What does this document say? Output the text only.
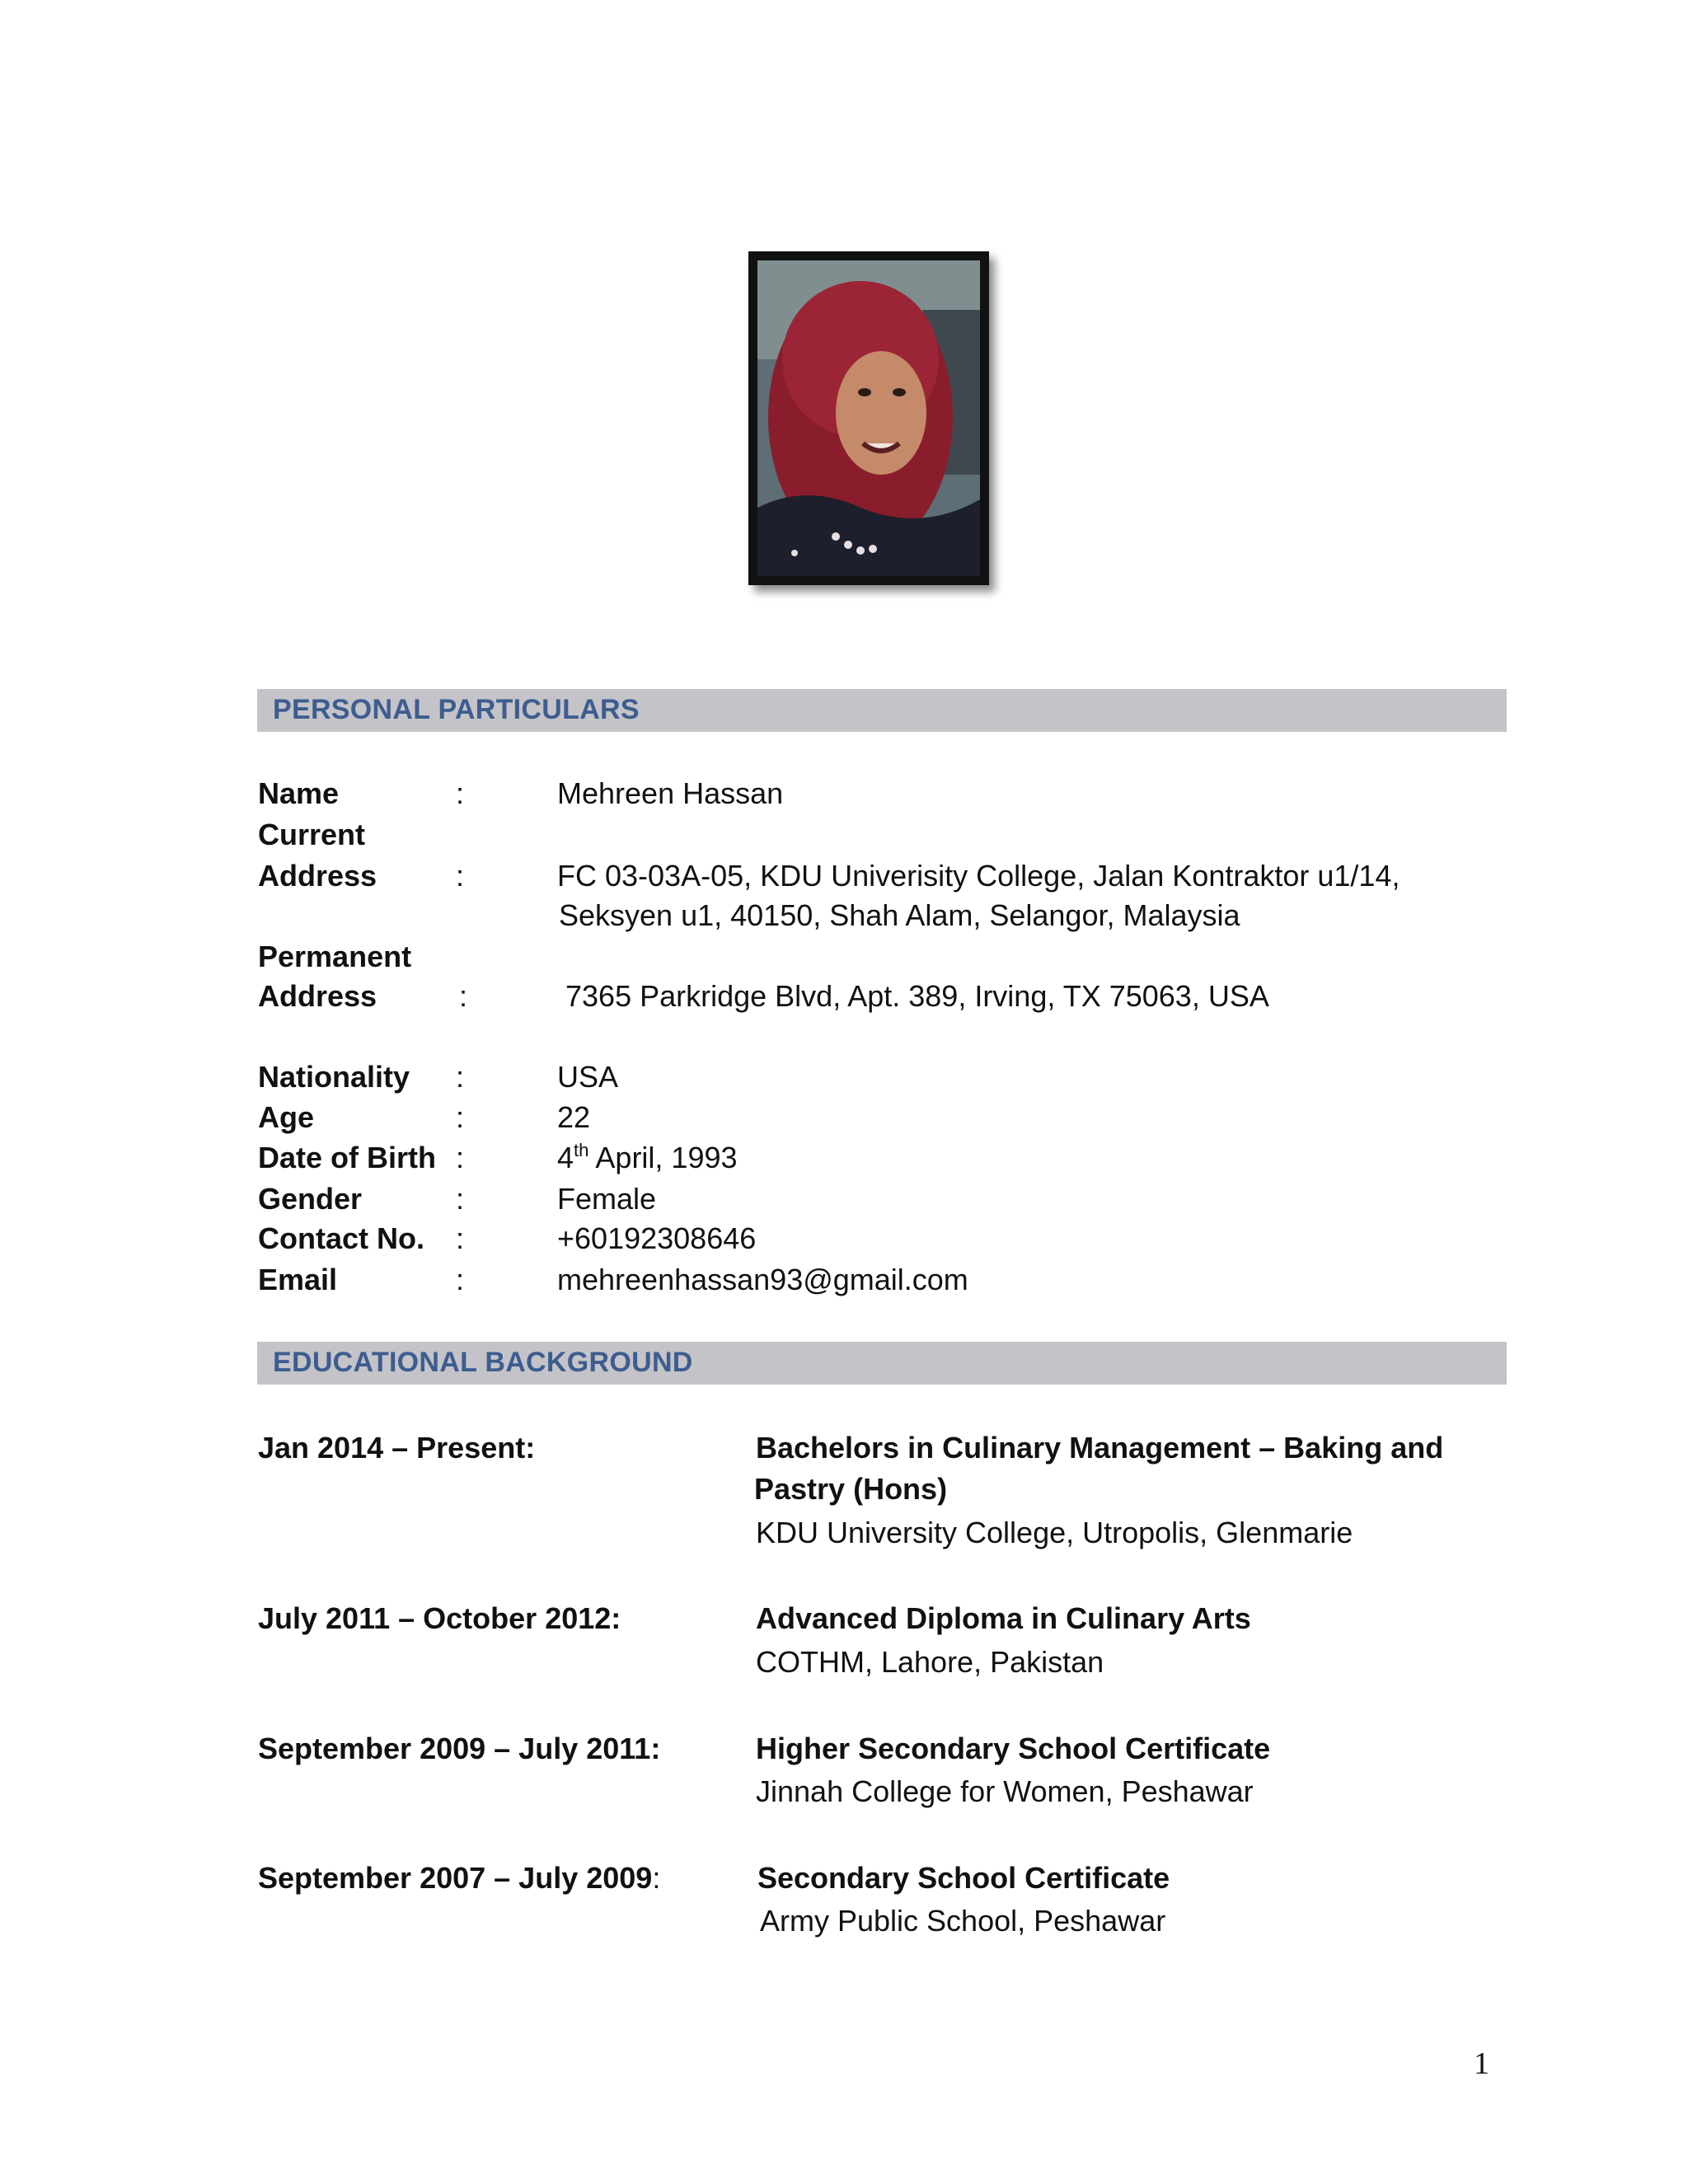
PERSONAL PARTICULARS
Name	:	Mehreen Hassan
Current
Address	:	FC 03-03A-05, KDU Univerisity College, Jalan Kontraktor u1/14,
Seksyen u1, 40150, Shah Alam, Selangor, Malaysia
Permanent
Address	:	7365 Parkridge Blvd, Apt. 389, Irving, TX 75063, USA
Nationality :	USA
Age	:	22
Date of Birth :	4th April, 1993
Gender	:	Female
Contact No. :	+60192308646
Email	:	mehreenhassan93@gmail.com
EDUCATIONAL BACKGROUND
Jan 2014 – Present:	Bachelors in Culinary Management – Baking and
Pastry (Hons)
KDU University College, Utropolis, Glenmarie
July 2011 – October 2012:	Advanced Diploma in Culinary Arts
COTHM, Lahore, Pakistan
September 2009 – July 2011:	Higher Secondary School Certificate
Jinnah College for Women, Peshawar
September 2007 – July 2009:	Secondary School Certificate
Army Public School, Peshawar
1
